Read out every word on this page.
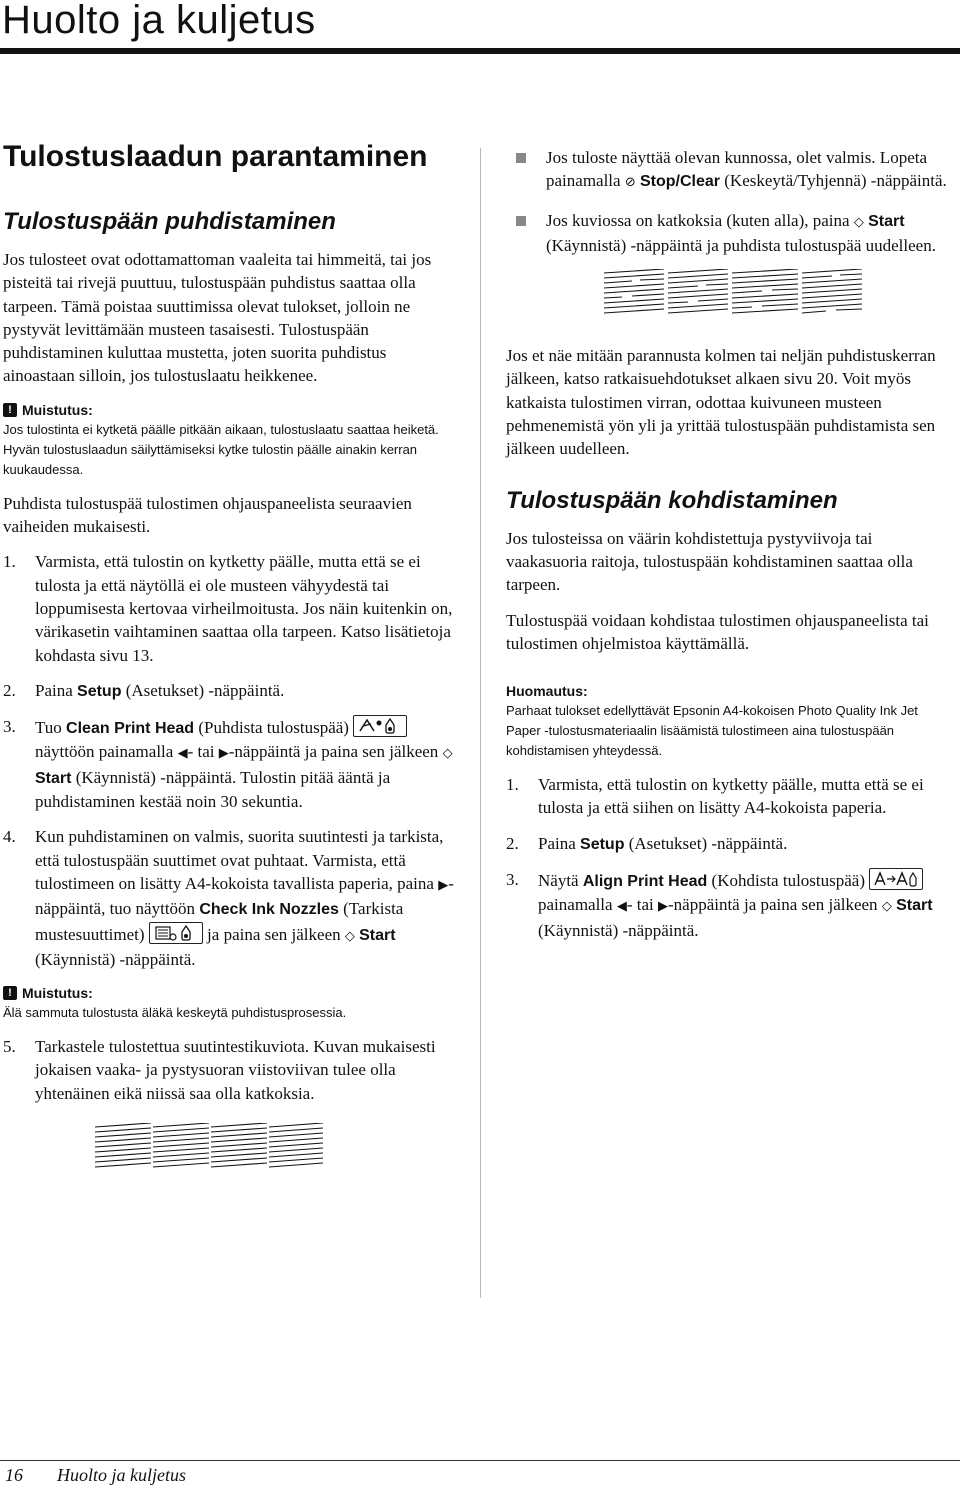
Huolto ja kuljetus
Tulostuslaadun parantaminen
Tulostuspään puhdistaminen

Jos tulosteet ovat odottamattoman vaaleita tai himmeitä, tai jos pisteitä tai rivejä puuttuu, tulostuspään puhdistus saattaa olla tarpeen. Tämä poistaa suuttimissa olevat tulokset, jolloin ne pystyvät levittämään musteen tasaisesti. Tulostuspään puhdistaminen kuluttaa mustetta, joten suorita puhdistus ainoastaan silloin, jos tulostuslaatu heikkenee.

! Muistutus:
Jos tulostinta ei kytketä päälle pitkään aikaan, tulostuslaatu saattaa heiketä. Hyvän tulostuslaadun säilyttämiseksi kytke tulostin päälle ainakin kerran kuukaudessa.

Puhdista tulostuspää tulostimen ohjauspaneelista seuraavien vaiheiden mukaisesti.

1. Varmista, että tulostin on kytketty päälle, mutta että se ei tulosta ja että näytöllä ei ole musteen vähyydestä tai loppumisesta kertovaa virheilmoitusta. Jos näin kuitenkin on, värikasetin vaihtaminen saattaa olla tarpeen. Katso lisätietoja kohdasta sivu 13.
2. Paina Setup (Asetukset) -näppäintä.
3. Tuo Clean Print Head (Puhdista tulostuspää)
näyttöön painamalla ◀- tai ▶-näppäintä ja paina sen jälkeen ◇ Start (Käynnistä) -näppäintä. Tulostin pitää ääntä ja puhdistaminen kestää noin 30 sekuntia.
4. Kun puhdistaminen on valmis, suorita suutintesti ja tarkista, että tulostuspään suuttimet ovat puhtaat. Varmista, että tulostimeen on lisätty A4-kokoista tavallista paperia, paina ▶-näppäintä, tuo näyttöön Check Ink Nozzles (Tarkista mustesuuttimet)	ja paina sen jälkeen ◇ Start (Käynnistä) -näppäintä.
! Muistutus:
Älä sammuta tulostusta äläkä keskeytä puhdistusprosessia.
5. Tarkastele tulostettua suutintestikuviota. Kuvan mukaisesti jokaisen vaaka- ja pystysuoran viistoviivan tulee olla yhtenäinen eikä niissä saa olla katkoksia.
Jos tuloste näyttää olevan kunnossa, olet valmis. Lopeta painamalla ⊘ Stop/Clear (Keskeytä/Tyhjennä) -näppäintä.
Jos kuviossa on katkoksia (kuten alla), paina ◇ Start (Käynnistä) -näppäintä ja puhdista tulostuspää uudelleen.

Jos et näe mitään parannusta kolmen tai neljän puhdistuskerran jälkeen, katso ratkaisuehdotukset alkaen sivu 20. Voit myös katkaista tulostimen virran, odottaa kuivuneen musteen pehmenemistä yön yli ja yrittää tulostuspään puhdistamista sen jälkeen uudelleen.

Tulostuspään kohdistaminen

Jos tulosteissa on väärin kohdistettuja pystyviivoja tai vaakasuoria raitoja, tulostuspään kohdistaminen saattaa olla tarpeen.

Tulostuspää voidaan kohdistaa tulostimen ohjauspaneelista tai tulostimen ohjelmistoa käyttämällä.

Huomautus:
Parhaat tulokset edellyttävät Epsonin A4-kokoisen Photo Quality Ink Jet Paper -tulostusmateriaalin lisäämistä tulostimeen aina tulostuspään kohdistamisen yhteydessä.
1. Varmista, että tulostin on kytketty päälle, mutta että se ei tulosta ja että siihen on lisätty A4-kokoista paperia.
2. Paina Setup (Asetukset) -näppäintä.
3. Näytä Align Print Head (Kohdista tulostuspää)
painamalla ◀- tai ▶-näppäintä ja paina sen jälkeen ◇ Start (Käynnistä) -näppäintä.
16 Huolto ja kuljetus
